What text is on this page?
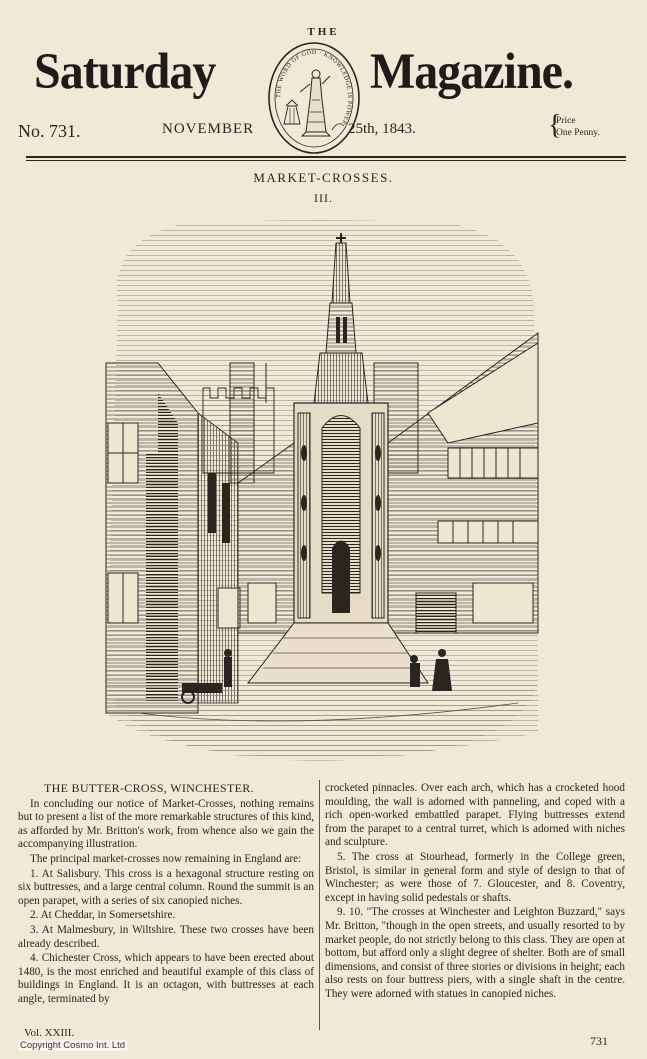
THE
Saturday	Magazine.
THE WORD OF GOD · KNOWLEDGE IS POWER
No. 731.	NOVEMBER	25th, 1843.	{
Price
One Penny.
MARKET-CROSSES.
III.
THE BUTTER-CROSS, WINCHESTER.

In concluding our notice of Market-Crosses, nothing remains but to present a list of the more remarkable structures of this kind, as afforded by Mr. Britton's work, from whence also we gain the accompanying illustration.

The principal market-crosses now remaining in England are:

1. At Salisbury. This cross is a hexagonal structure resting on six buttresses, and a large central column. Round the summit is an open parapet, with a series of six canopied niches.

2. At Cheddar, in Somersetshire.

3. At Malmesbury, in Wiltshire. These two crosses have been already described.

4. Chichester Cross, which appears to have been erected about 1480, is the most enriched and beautiful example of this class of buildings in England. It is an octagon, with buttresses at each angle, terminated by

crocketed pinnacles. Over each arch, which has a crocketed hood moulding, the wall is adorned with panneling, and coped with a rich open-worked embattled parapet. Flying buttresses extend from the parapet to a central turret, which is adorned with niches and sculpture.

5. The cross at Stourhead, formerly in the College green, Bristol, is similar in general form and style of design to that of Winchester; as were those of 7. Gloucester, and 8. Coventry, except in having solid pedestals or shafts.

9. 10. "The crosses at Winchester and Leighton Buzzard," says Mr. Britton, "though in the open streets, and usually resorted to by market people, do not strictly belong to this class. They are open at bottom, but afford only a slight degree of shelter. Both are of small dimensions, and consist of three stories or divisions in height; each also rests on four buttress piers, with a single shaft in the centre. They were adorned with statues in canopied niches.

Vol. XXIII.
731
Copyright Cosmo Int. Ltd
